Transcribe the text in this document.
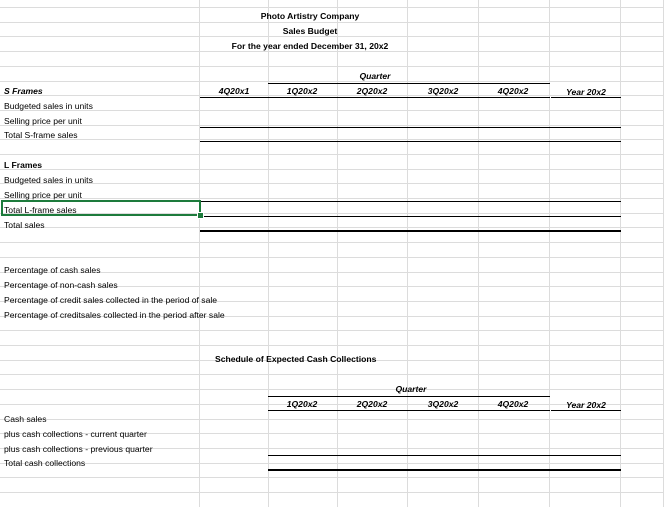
Photo Artistry Company
Sales Budget
For the year ended December 31, 20x2
Quarter
4Q20x1	1Q20x2	2Q20x2	3Q20x2	4Q20x2	Year 20x2
S Frames
Budgeted sales in units
Selling price per unit
Total S-frame sales
L Frames
Budgeted sales in units
Selling price per unit
Total L-frame sales
Total sales
Percentage of cash sales
Percentage of non-cash sales
Percentage of credit sales collected in the period of sale
Percentage of creditsales collected in the period after sale
Schedule of Expected Cash Collections
Quarter
1Q20x2	2Q20x2	3Q20x2	4Q20x2	Year 20x2
Cash sales
plus cash collections - current quarter
plus cash collections - previous quarter
Total cash collections
